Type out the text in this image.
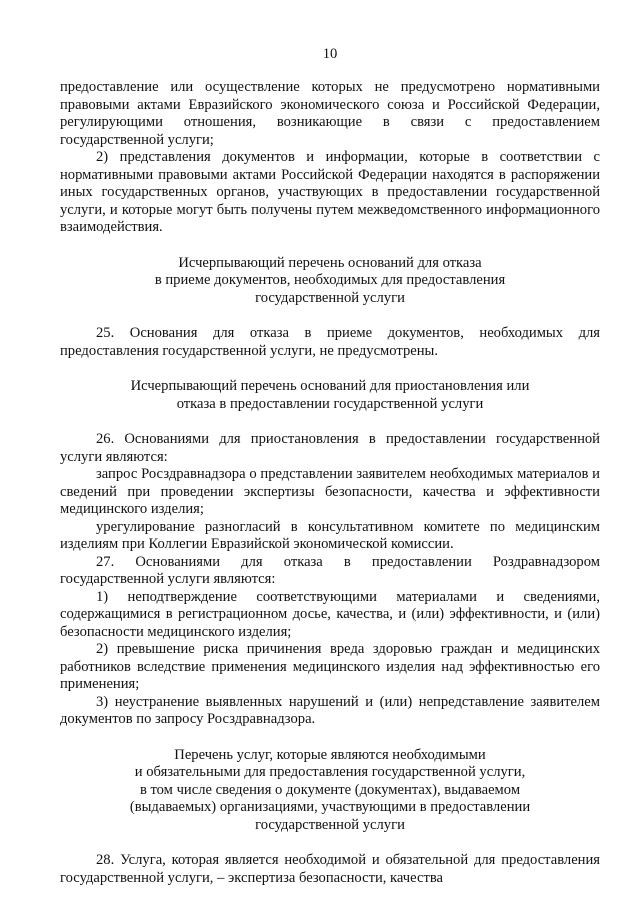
10

предоставление или осуществление которых не предусмотрено нормативными правовыми актами Евразийского экономического союза и Российской Федерации, регулирующими отношения, возникающие в связи с предоставлением государственной услуги;

2) представления документов и информации, которые в соответствии с нормативными правовыми актами Российской Федерации находятся в распоряжении иных государственных органов, участвующих в предоставлении государственной услуги, и которые могут быть получены путем межведомственного информационного взаимодействия.

Исчерпывающий перечень оснований для отказа
в приеме документов, необходимых для предоставления
государственной услуги

25. Основания для отказа в приеме документов, необходимых для предоставления государственной услуги, не предусмотрены.

Исчерпывающий перечень оснований для приостановления или
отказа в предоставлении государственной услуги

26. Основаниями для приостановления в предоставлении государственной услуги являются:

запрос Росздравнадзора о представлении заявителем необходимых материалов и сведений при проведении экспертизы безопасности, качества и эффективности медицинского изделия;

урегулирование разногласий в консультативном комитете по медицинским изделиям при Коллегии Евразийской экономической комиссии.

27. Основаниями для отказа в предоставлении Роздравнадзором государственной услуги являются:

1) неподтверждение соответствующими материалами и сведениями, содержащимися в регистрационном досье, качества, и (или) эффективности, и (или) безопасности медицинского изделия;

2) превышение риска причинения вреда здоровью граждан и медицинских работников вследствие применения медицинского изделия над эффективностью его применения;

3) неустранение выявленных нарушений и (или) непредставление заявителем документов по запросу Росздравнадзора.

Перечень услуг, которые являются необходимыми
и обязательными для предоставления государственной услуги,
в том числе сведения о документе (документах), выдаваемом
(выдаваемых) организациями, участвующими в предоставлении
государственной услуги

28. Услуга, которая является необходимой и обязательной для предоставления государственной услуги, – экспертиза безопасности, качества
